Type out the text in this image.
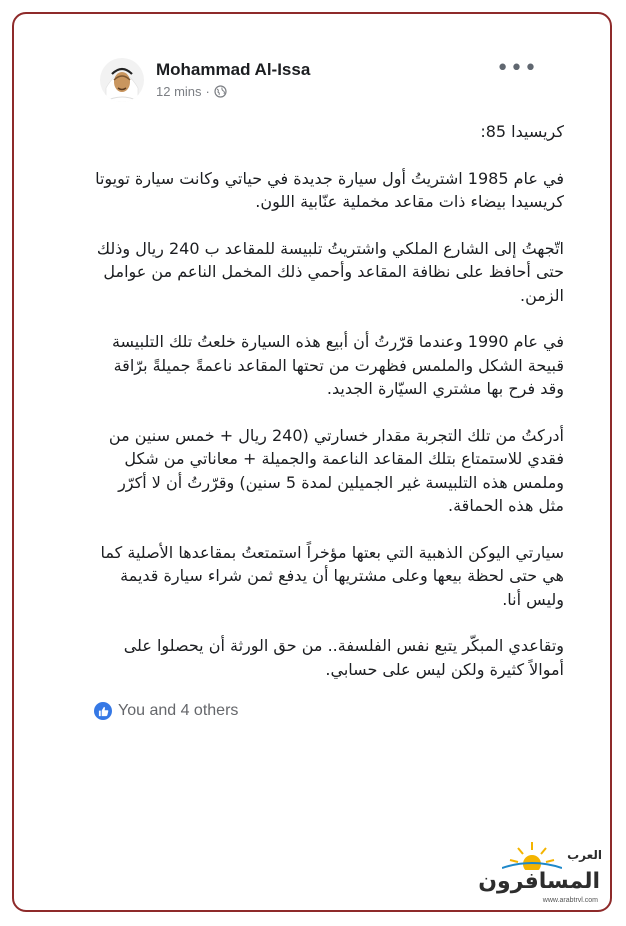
Mohammad Al-Issa
12 mins ·
•••

كريسيدا 85:

في عام 1985 اشتريتُ أول سيارة جديدة في حياتي وكانت سيارة تويوتا كريسيدا بيضاء ذات مقاعد مخملية عنّابية اللون.

اتّجهتُ إلى الشارع الملكي واشتريتُ تلبيسة للمقاعد ب 240 ريال وذلك حتى أحافظ على نظافة المقاعد وأحمي ذلك المخمل الناعم من عوامل الزمن.

في عام 1990 وعندما قرّرتُ أن أبيع هذه السيارة خلعتُ تلك التلبيسة قبيحة الشكل والملمس فظهرت من تحتها المقاعد ناعمةً جميلةً برّاقة وقد فرح بها مشتري السيّارة الجديد.

أدركتُ من تلك التجربة مقدار خسارتي (240 ريال + خمس سنين من فقدي للاستمتاع بتلك المقاعد الناعمة والجميلة + معاناتي من شكل وملمس هذه التلبيسة غير الجميلين لمدة 5 سنين) وقرّرتُ أن لا أكرّر مثل هذه الحماقة.

سيارتي اليوكن الذهبية التي بعتها مؤخراً استمتعتُ بمقاعدها الأصلية كما هي حتى لحظة بيعها وعلى مشتريها أن يدفع ثمن شراء سيارة قديمة وليس أنا.

وتقاعدي المبكّر يتبع نفس الفلسفة.. من حق الورثة أن يحصلوا على أموالاً كثيرة ولكن ليس على حسابي.

You and 4 others
العرب
المسافرون
www.arabtrvl.com
